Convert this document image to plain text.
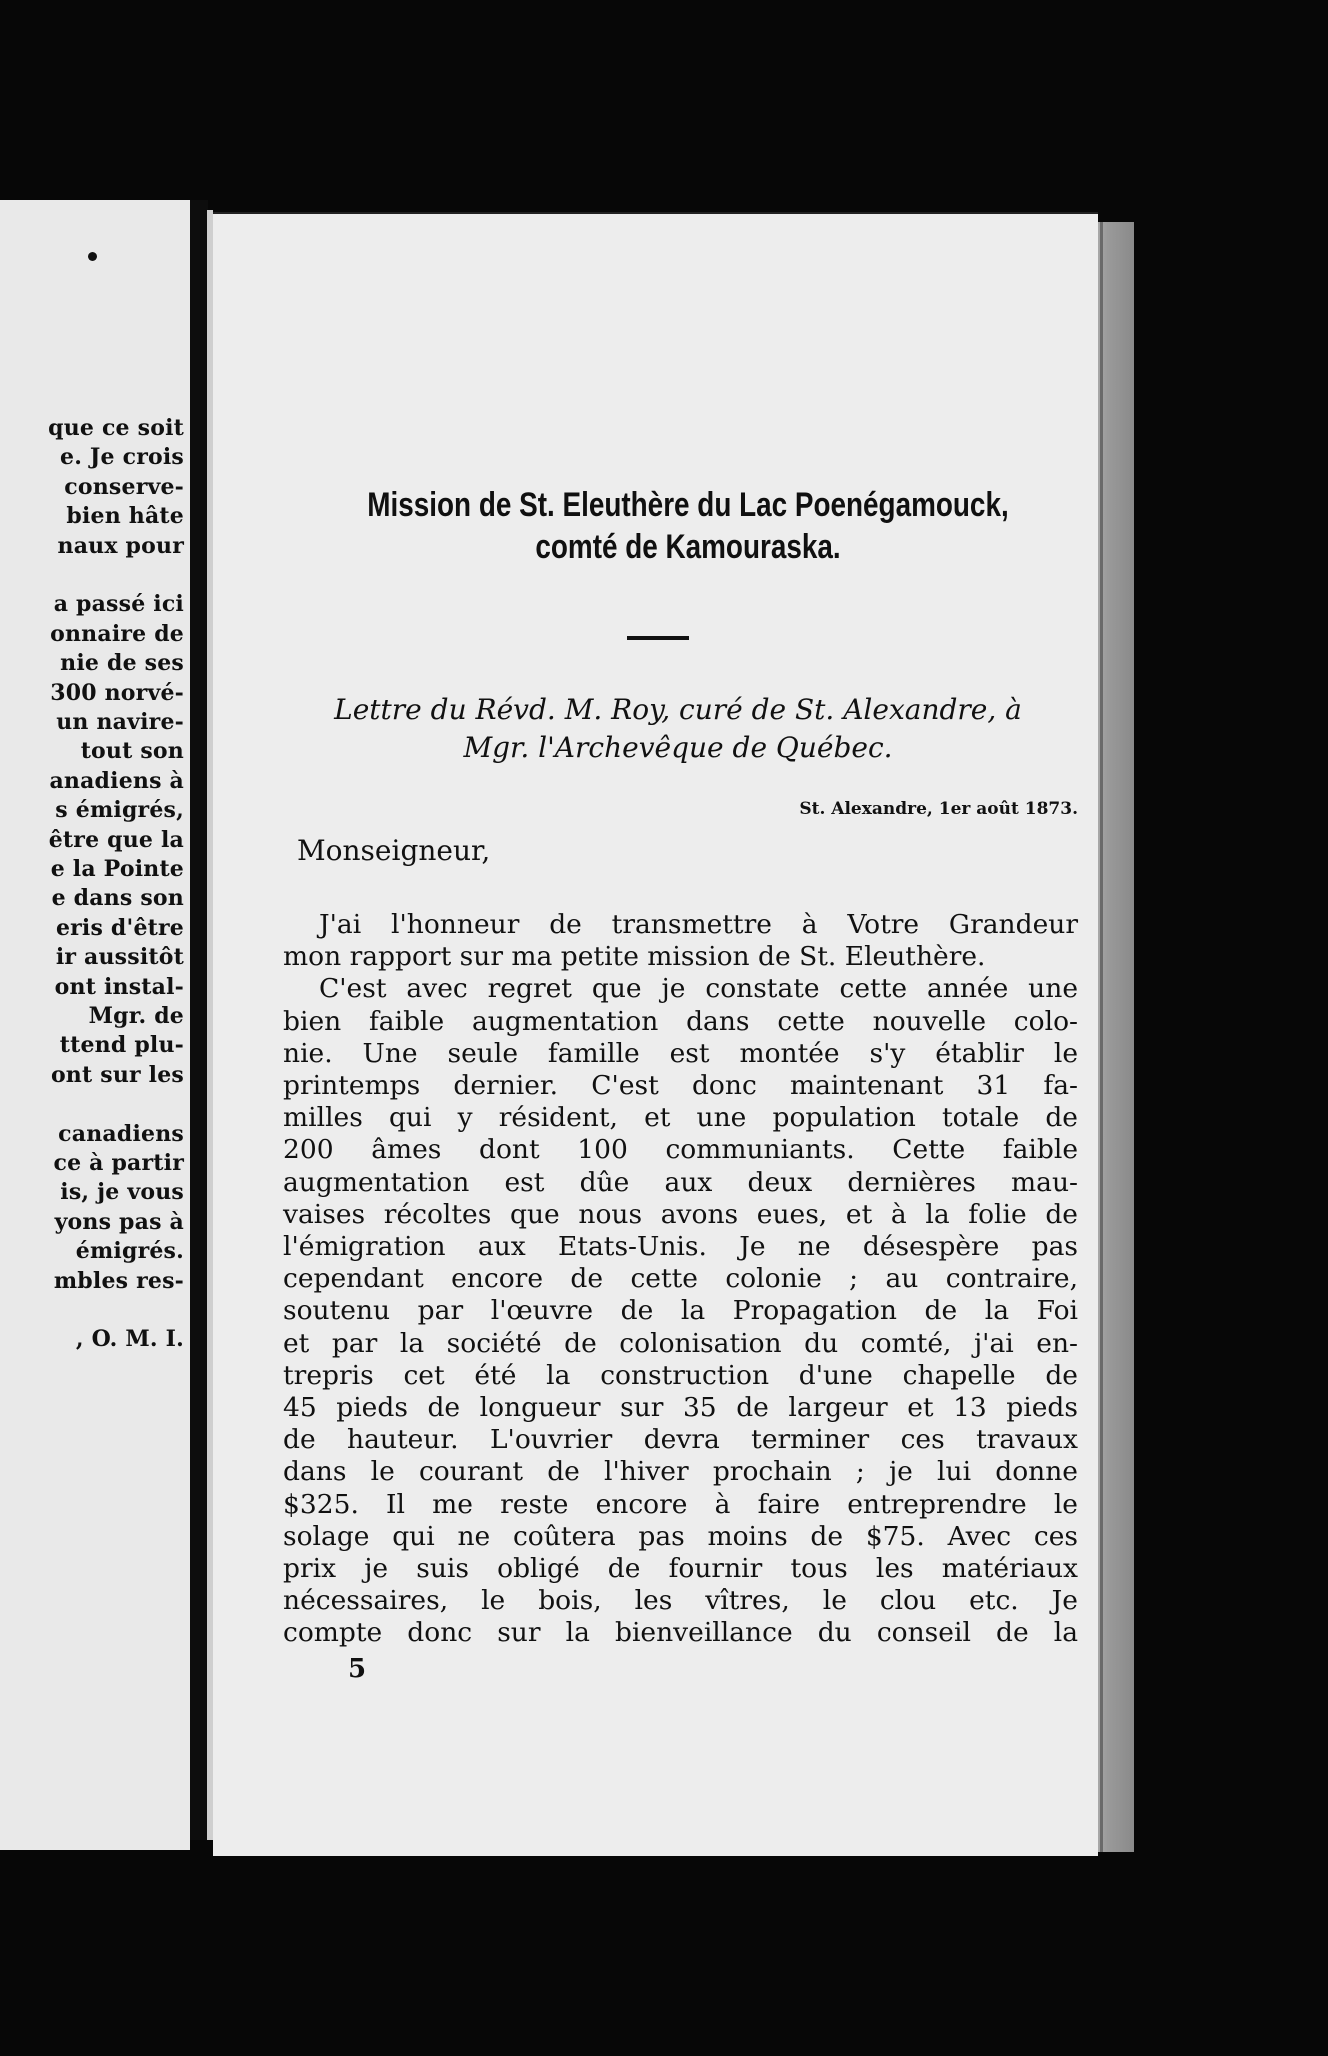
que ce soit
e. Je crois
conserve-
bien hâte
naux pour
a passé ici
onnaire de
nie de ses
300 norvé-
un navire-
tout son
anadiens à
s émigrés,
être que la
e la Pointe
e dans son
eris d'être
ir aussitôt
ont instal-
Mgr. de
ttend plu-
ont sur les
canadiens
ce à partir
is, je vous
yons pas à
émigrés.
mbles res-
, O. M. I.
Mission de St. Eleuthère du Lac Poenégamouck,
comté de Kamouraska.
Lettre du Révd. M. Roy, curé de St. Alexandre, à
Mgr. l'Archevêque de Québec.
St. Alexandre, 1er août 1873.
Monseigneur,
J'ai l'honneur de transmettre à Votre Grandeur
mon rapport sur ma petite mission de St. Eleuthère.
C'est avec regret que je constate cette année une
bien faible augmentation dans cette nouvelle colo-
nie. Une seule famille est montée s'y établir le
printemps dernier. C'est donc maintenant 31 fa-
milles qui y résident, et une population totale de
200 âmes dont 100 communiants. Cette faible
augmentation est dûe aux deux dernières mau-
vaises récoltes que nous avons eues, et à la folie de
l'émigration aux Etats-Unis. Je ne désespère pas
cependant encore de cette colonie ; au contraire,
soutenu par l'œuvre de la Propagation de la Foi
et par la société de colonisation du comté, j'ai en-
trepris cet été la construction d'une chapelle de
45 pieds de longueur sur 35 de largeur et 13 pieds
de hauteur. L'ouvrier devra terminer ces travaux
dans le courant de l'hiver prochain ; je lui donne
$325. Il me reste encore à faire entreprendre le
solage qui ne coûtera pas moins de $75. Avec ces
prix je suis obligé de fournir tous les matériaux
nécessaires, le bois, les vîtres, le clou etc. Je
compte donc sur la bienveillance du conseil de la
5
